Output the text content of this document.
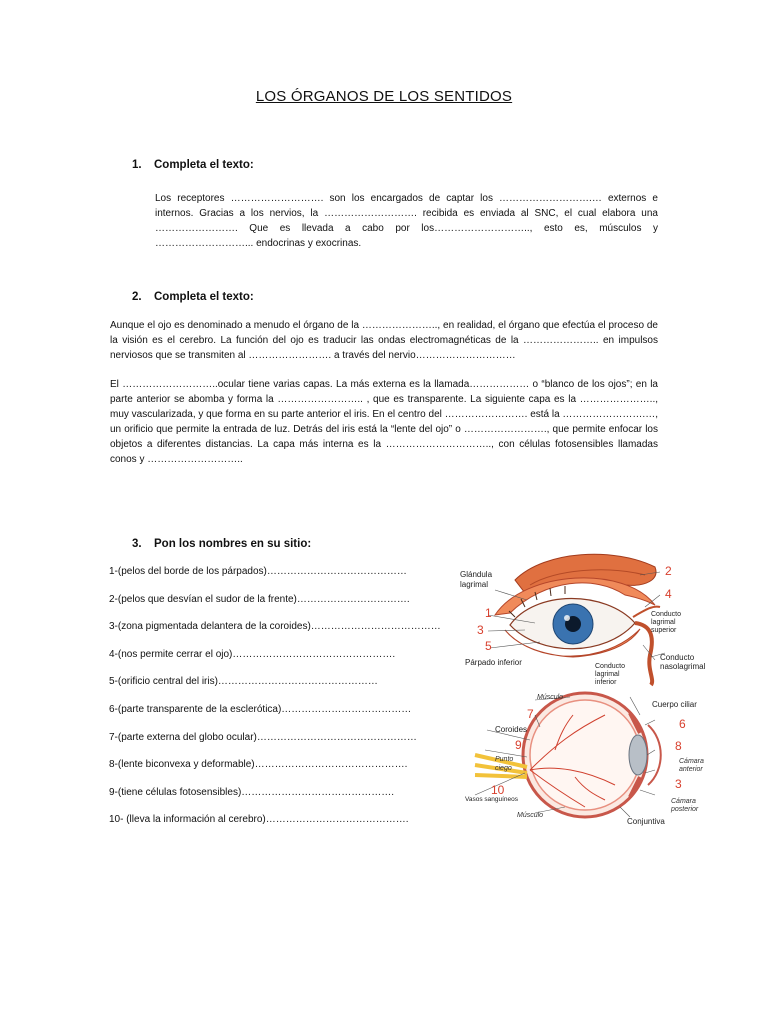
LOS ÓRGANOS DE LOS SENTIDOS
1. Completa el texto:

Los receptores ………………………. son los encargados de captar los ……………………….… externos e internos. Gracias a los nervios, la ………………………. recibida es enviada al SNC, el cual elabora una ……………………. Que es llevada a cabo por los……………………….., esto es, músculos y ………………………... endocrinas y exocrinas.

2. Completa el texto:

Aunque el ojo es denominado a menudo el órgano de la ………………….., en realidad, el órgano que efectúa el proceso de la visión es el cerebro. La función del ojo es traducir las ondas electromagnéticas de la ………………….. en impulsos nerviosos que se transmiten al ……………………. a través del nervio…………………………

El ………………………..ocular tiene varias capas. La más externa es la llamada……………… o “blanco de los ojos”; en la parte anterior se abomba y forma la …………………….. , que es transparente. La siguiente capa es la ………………….., muy vascularizada, y que forma en su parte anterior el iris. En el centro del ……………………. está la …………………….…, un orificio que permite la entrada de luz. Detrás del iris está la “lente del ojo” o ……………………., que permite enfocar los objetos a diferentes distancias. La capa más interna es la ………………………….., con células fotosensibles llamadas conos y ………………………..

3. Pon los nombres en su sitio:
1-(pelos del borde de los párpados)……………………………………
2-(pelos que desvían el sudor de la frente)…………………………….
3-(zona pigmentada delantera de la coroides)…………………………………
4-(nos permite cerrar el ojo)………………………………………….
5-(orificio central del iris)…………………………………………
6-(parte transparente de la esclerótica)…………………………………
7-(parte externa del globo ocular)…………………………………………
8-(lente biconvexa y deformable)……………………………………….
9-(tiene células fotosensibles)……………………………………….
10- (lleva la información al cerebro)…………………………………….
Glándula
lagrimal
2
4
1
3
5
Conducto
lagrimal
superior
Conducto
nasolagrimal
Párpado inferior	Conducto
lagrimal
inferior
Músculo
7
Coroides
9
Punto
ciego
10
Vasos sanguíneos
Músculo
Cuerpo ciliar
6
8
Cámara
anterior
3
Cámara
posterior
Conjuntiva
